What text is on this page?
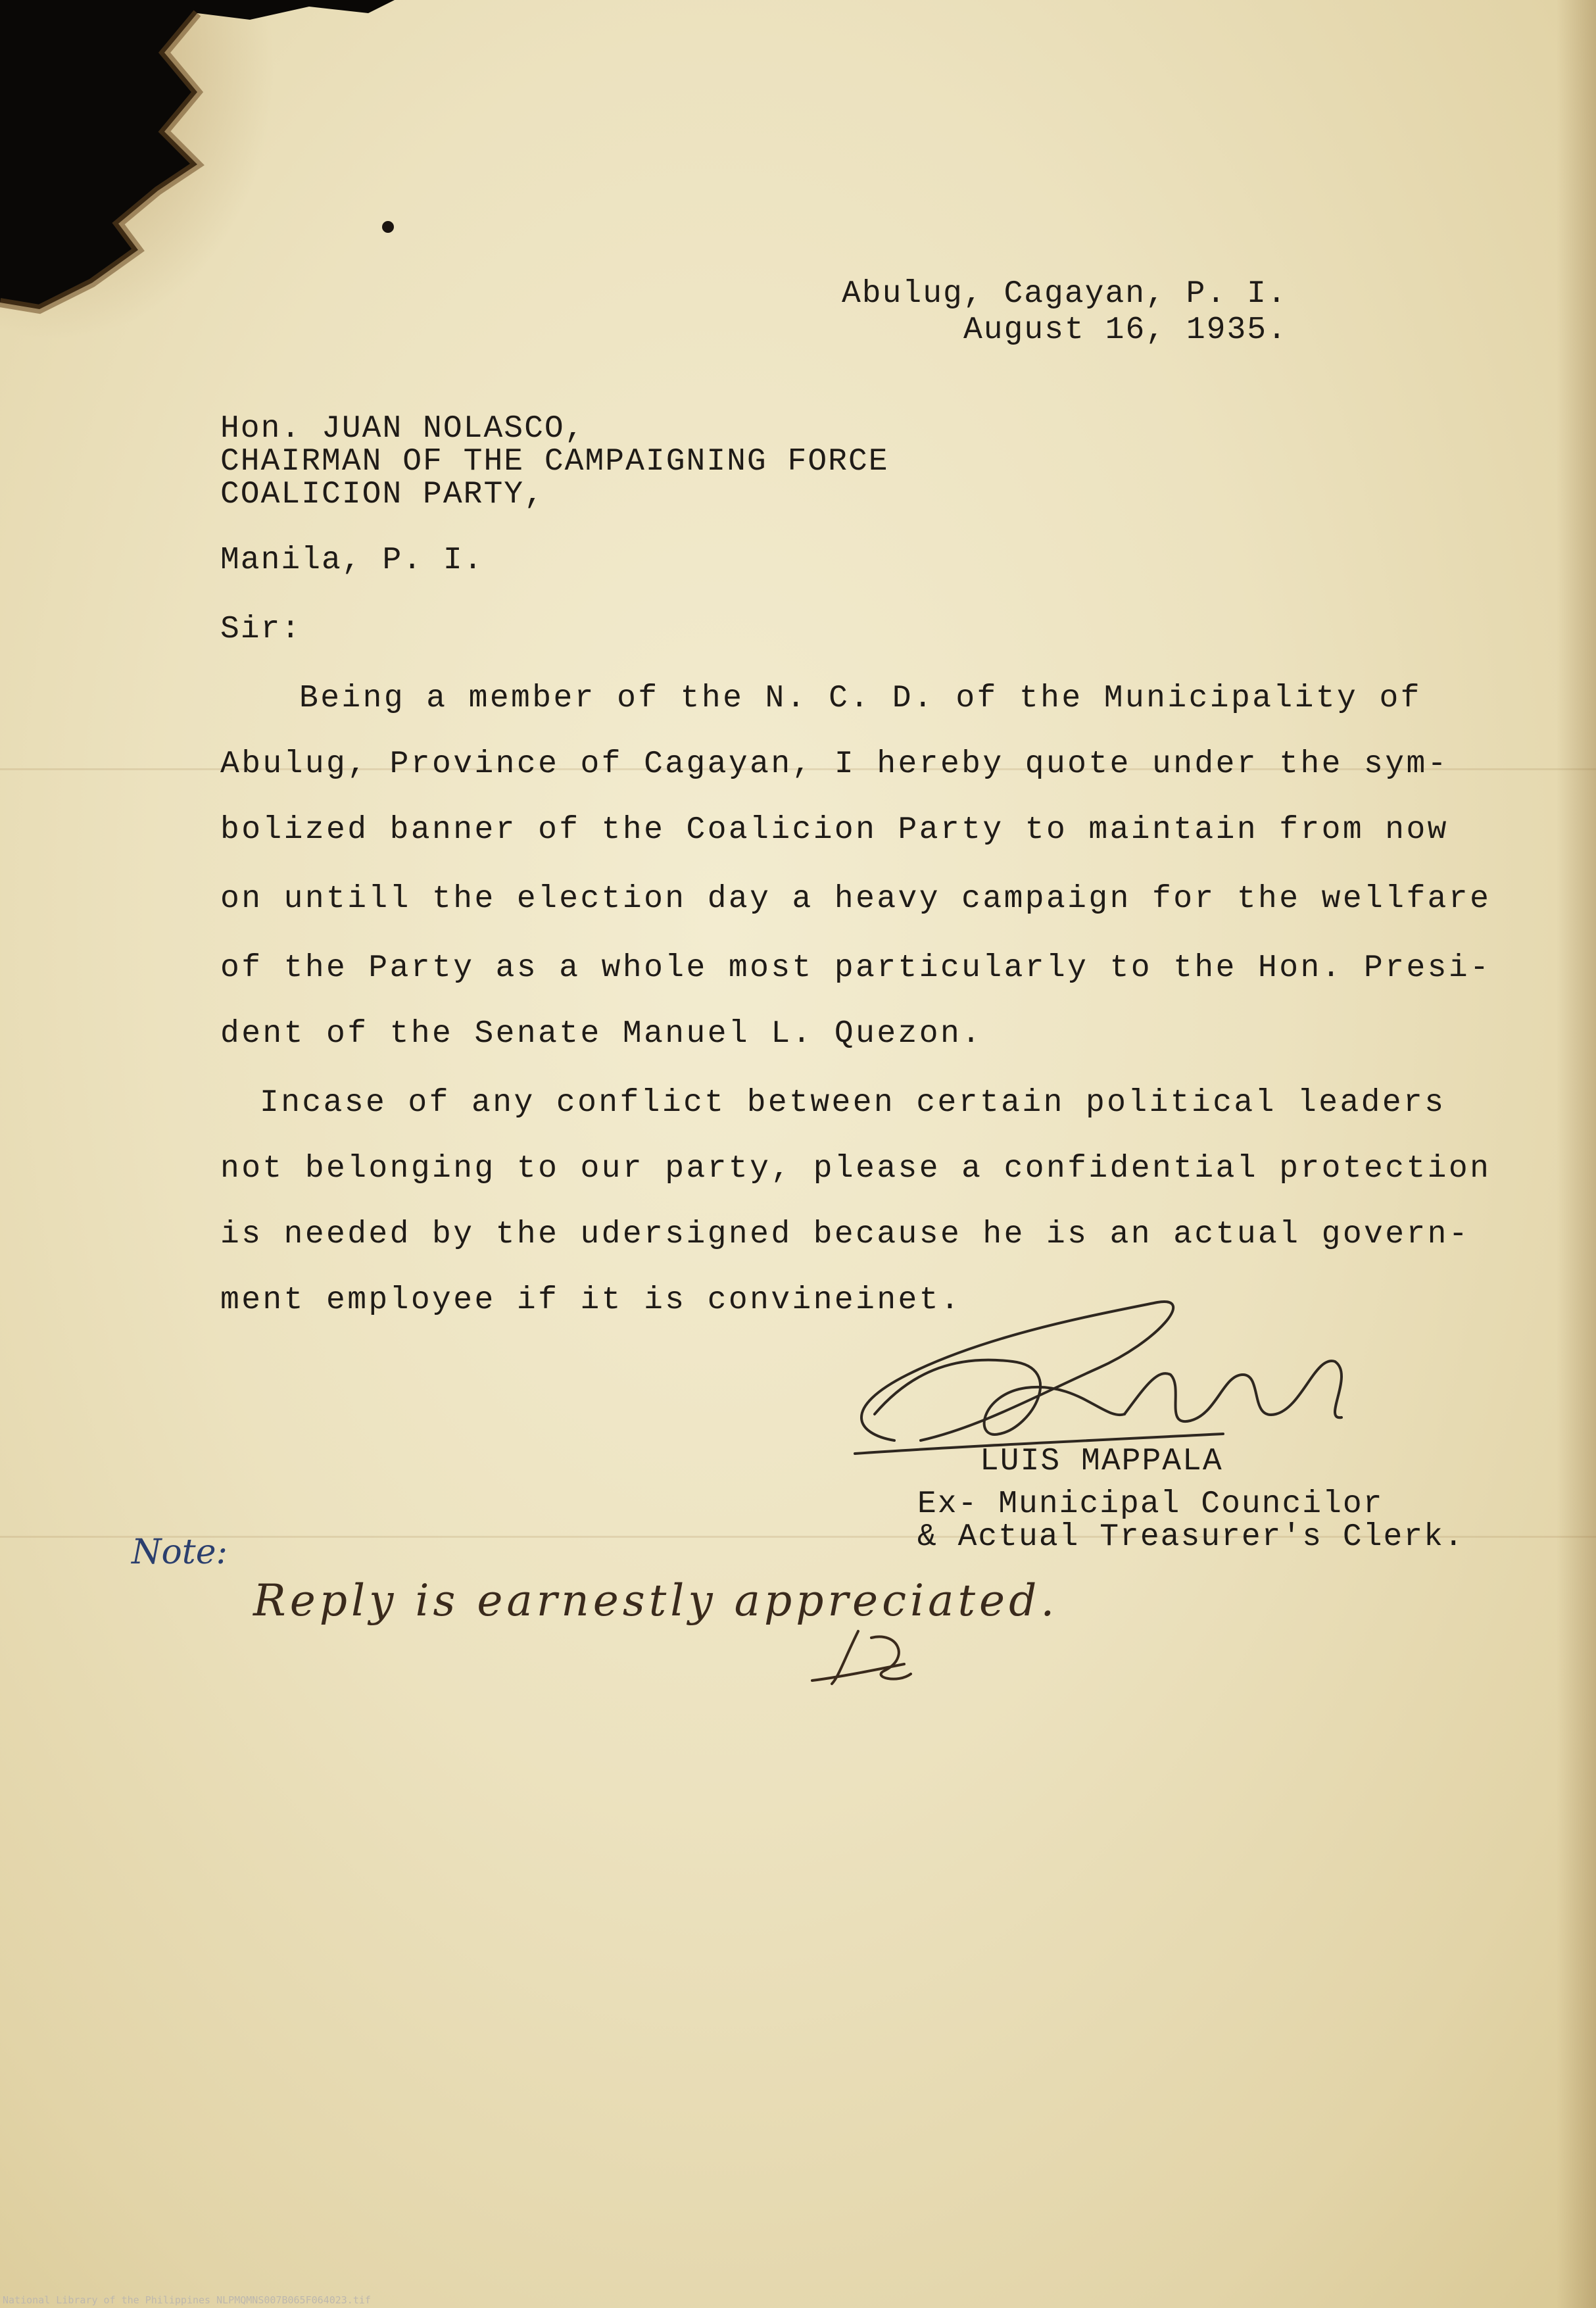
Abulug, Cagayan, P. I.

August 16, 1935.

Hon. JUAN NOLASCO,

CHAIRMAN OF THE CAMPAIGNING FORCE

COALICION PARTY,

Manila, P. I.

Sir:

Being a member of the N. C. D. of the Municipality of

Abulug, Province of Cagayan, I hereby quote under the sym-

bolized banner of the Coalicion Party to maintain from now

on untill the election day a heavy campaign for the wellfare

of the Party as a whole most particularly to the Hon. Presi-

dent of the Senate Manuel L. Quezon.

Incase of any conflict between certain political leaders

not belonging to our party, please a confidential protection

is needed by the udersigned because he is an actual govern-

ment employee if it is convineinet.

LUIS MAPPALA

Ex- Municipal Councilor

& Actual Treasurer's Clerk.

Note:

Reply is earnestly appreciated.

National Library of the Philippines NLPMQMNS007B065F064023.tif
